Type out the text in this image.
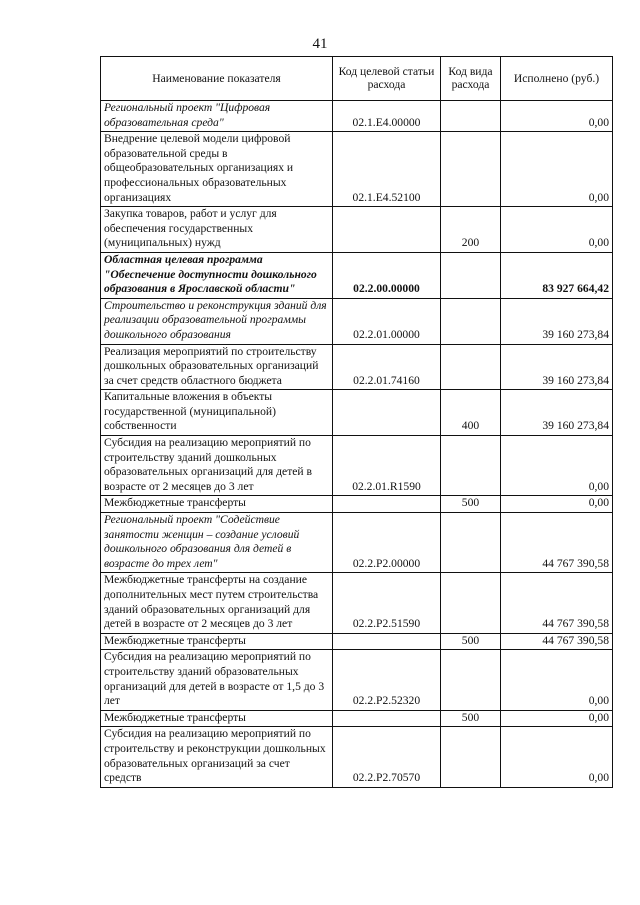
41
Наименование показателя	Код целевой статьи расхода	Код вида расхода	Исполнено (руб.)
Региональный проект "Цифровая образовательная среда"	02.1.Е4.00000		0,00
Внедрение целевой модели цифровой образовательной среды в общеобразовательных организациях и профессиональных образовательных организациях	02.1.Е4.52100		0,00
Закупка товаров, работ и услуг для обеспечения государственных (муниципальных) нужд		200	0,00
Областная целевая программа "Обеспечение доступности дошкольного образования в Ярославской области"	02.2.00.00000		83 927 664,42
Строительство и реконструкция зданий для реализации образовательной программы дошкольного образования	02.2.01.00000		39 160 273,84
Реализация мероприятий по строительству дошкольных образовательных организаций за счет средств областного бюджета	02.2.01.74160		39 160 273,84
Капитальные вложения в объекты государственной (муниципальной) собственности		400	39 160 273,84
Субсидия на реализацию мероприятий по строительству зданий дошкольных образовательных организаций для детей в возрасте от 2 месяцев до 3 лет	02.2.01.R1590		0,00
Межбюджетные трансферты		500	0,00
Региональный проект "Содействие занятости женщин – создание условий дошкольного образования для детей в возрасте до трех лет"	02.2.P2.00000		44 767 390,58
Межбюджетные трансферты на создание дополнительных мест путем строительства зданий образовательных организаций для детей в возрасте от 2 месяцев до 3 лет	02.2.P2.51590		44 767 390,58
Межбюджетные трансферты		500	44 767 390,58
Субсидия на реализацию мероприятий по строительству зданий образовательных организаций для детей в возрасте от 1,5 до 3 лет	02.2.P2.52320		0,00
Межбюджетные трансферты		500	0,00
Субсидия на реализацию мероприятий по строительству и реконструкции дошкольных образовательных организаций за счет средств	02.2.P2.70570		0,00
